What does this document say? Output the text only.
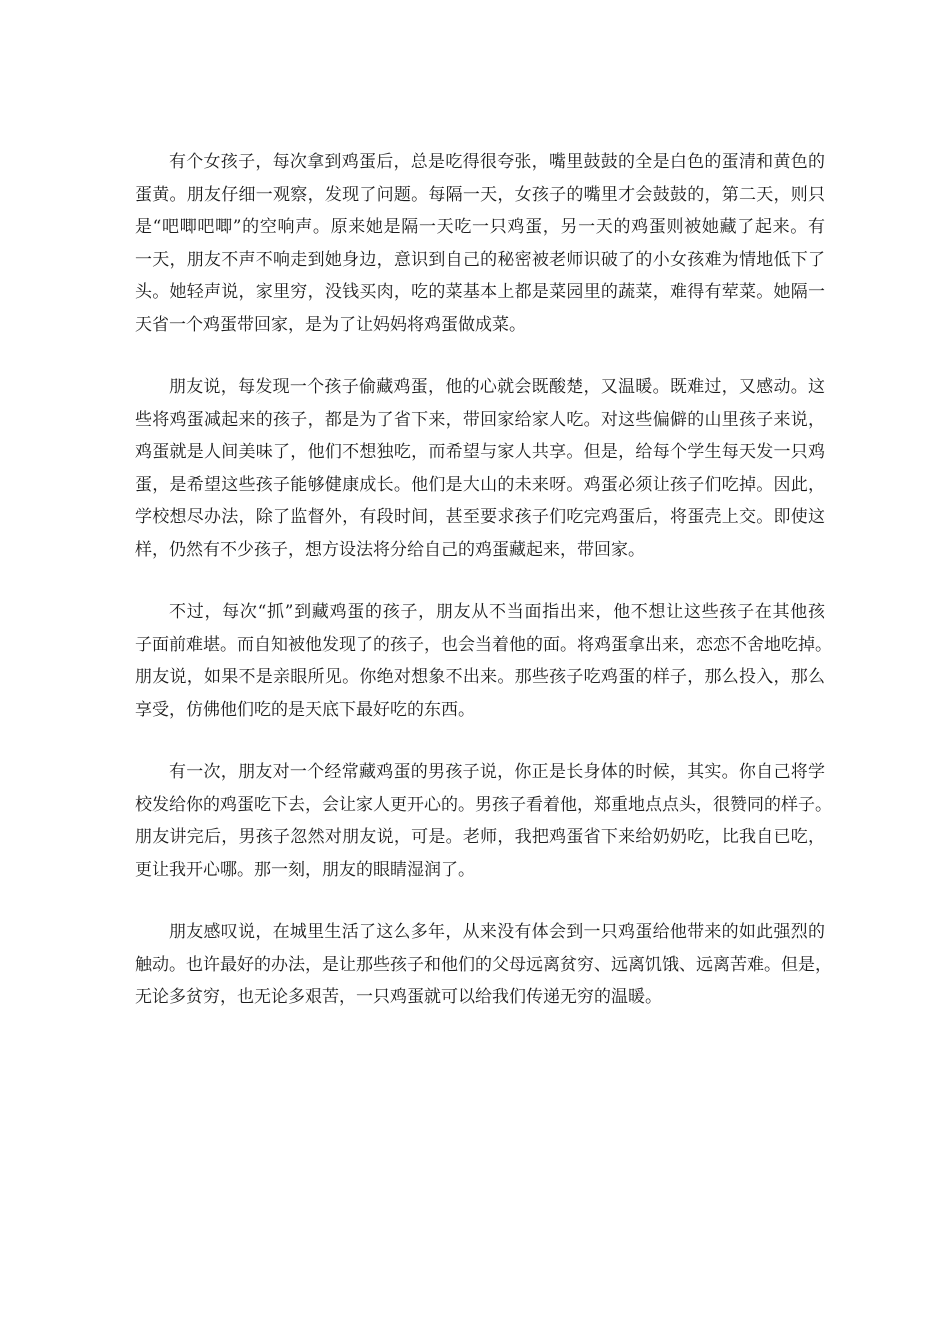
有个女孩子，每次拿到鸡蛋后，总是吃得很夸张，嘴里鼓鼓的全是白色的蛋清和黄色的
蛋黄。朋友仔细一观察，发现了问题。每隔一天，女孩子的嘴里才会鼓鼓的，第二天，则只
是“吧唧吧唧”的空响声。原来她是隔一天吃一只鸡蛋，另一天的鸡蛋则被她藏了起来。有
一天，朋友不声不响走到她身边，意识到自己的秘密被老师识破了的小女孩难为情地低下了
头。她轻声说，家里穷，没钱买肉，吃的菜基本上都是菜园里的蔬菜，难得有荤菜。她隔一
天省一个鸡蛋带回家，是为了让妈妈将鸡蛋做成菜。
朋友说，每发现一个孩子偷藏鸡蛋，他的心就会既酸楚，又温暖。既难过，又感动。这
些将鸡蛋减起来的孩子，都是为了省下来，带回家给家人吃。对这些偏僻的山里孩子来说，
鸡蛋就是人间美味了，他们不想独吃，而希望与家人共享。但是，给每个学生每天发一只鸡
蛋，是希望这些孩子能够健康成长。他们是大山的未来呀。鸡蛋必须让孩子们吃掉。因此，
学校想尽办法，除了监督外，有段时间，甚至要求孩子们吃完鸡蛋后，将蛋壳上交。即使这
样，仍然有不少孩子，想方设法将分给自己的鸡蛋藏起来，带回家。
不过，每次“抓”到藏鸡蛋的孩子，朋友从不当面指出来，他不想让这些孩子在其他孩
子面前难堪。而自知被他发现了的孩子，也会当着他的面。将鸡蛋拿出来，恋恋不舍地吃掉。
朋友说，如果不是亲眼所见。你绝对想象不出来。那些孩子吃鸡蛋的样子，那么投入，那么
享受，仿佛他们吃的是天底下最好吃的东西。
有一次，朋友对一个经常藏鸡蛋的男孩子说，你正是长身体的时候，其实。你自己将学
校发给你的鸡蛋吃下去，会让家人更开心的。男孩子看着他，郑重地点点头，很赞同的样子。
朋友讲完后，男孩子忽然对朋友说，可是。老师，我把鸡蛋省下来给奶奶吃，比我自已吃，
更让我开心哪。那一刻，朋友的眼睛湿润了。
朋友感叹说，在城里生活了这么多年，从来没有体会到一只鸡蛋给他带来的如此强烈的
触动。也许最好的办法，是让那些孩子和他们的父母远离贫穷、远离饥饿、远离苦难。但是，
无论多贫穷，也无论多艰苦，一只鸡蛋就可以给我们传递无穷的温暖。
